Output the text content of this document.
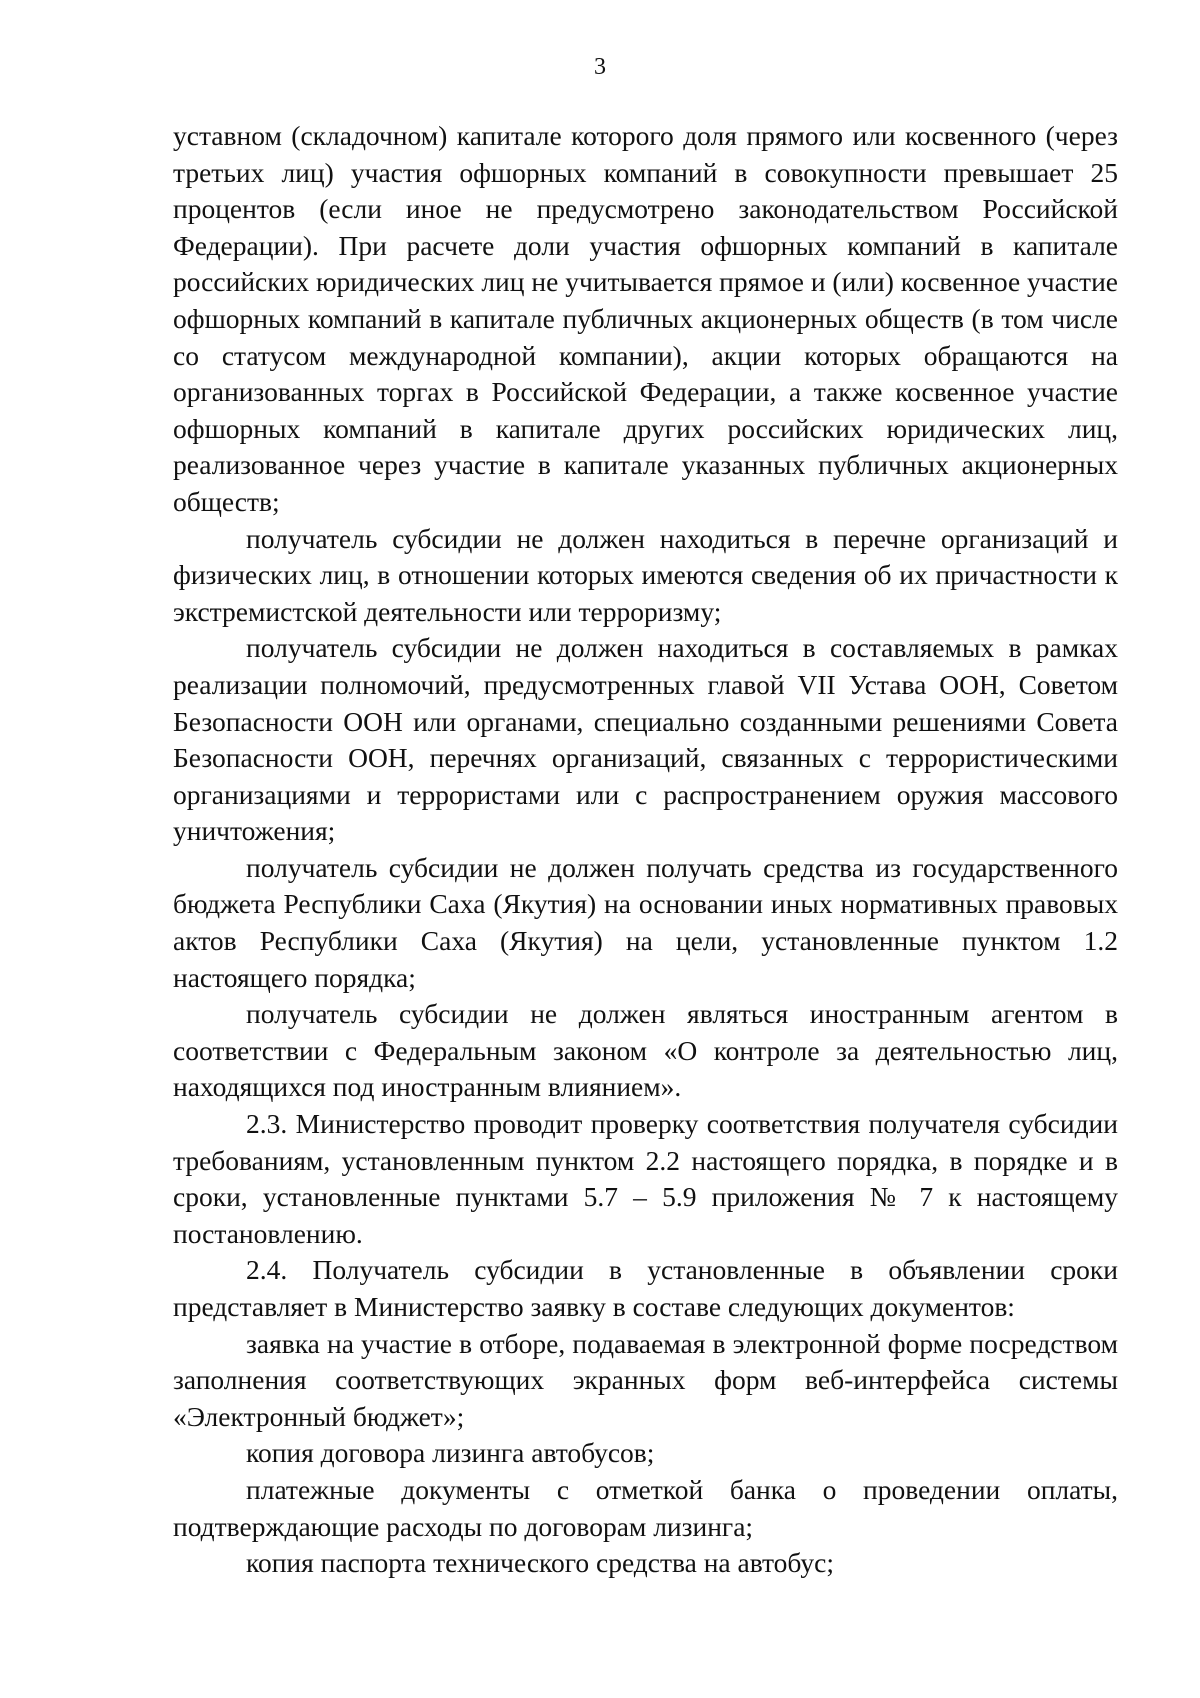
3

уставном (складочном) капитале которого доля прямого или косвенного (через третьих лиц) участия офшорных компаний в совокупности превышает 25 процентов (если иное не предусмотрено законодательством Российской Федерации). При расчете доли участия офшорных компаний в капитале российских юридических лиц не учитывается прямое и (или) косвенное участие офшорных компаний в капитале публичных акционерных обществ (в том числе со статусом международной компании), акции которых обращаются на организованных торгах в Российской Федерации, а также косвенное участие офшорных компаний в капитале других российских юридических лиц, реализованное через участие в капитале указанных публичных акционерных обществ;

получатель субсидии не должен находиться в перечне организаций и физических лиц, в отношении которых имеются сведения об их причастности к экстремистской деятельности или терроризму;

получатель субсидии не должен находиться в составляемых в рамках реализации полномочий, предусмотренных главой VII Устава ООН, Советом Безопасности ООН или органами, специально созданными решениями Совета Безопасности ООН, перечнях организаций, связанных с террористическими организациями и террористами или с распространением оружия массового уничтожения;

получатель субсидии не должен получать средства из государственного бюджета Республики Саха (Якутия) на основании иных нормативных правовых актов Республики Саха (Якутия) на цели, установленные пунктом 1.2 настоящего порядка;

получатель субсидии не должен являться иностранным агентом в соответствии с Федеральным законом «О контроле за деятельностью лиц, находящихся под иностранным влиянием».

2.3. Министерство проводит проверку соответствия получателя субсидии требованиям, установленным пунктом 2.2 настоящего порядка, в порядке и в сроки, установленные пунктами 5.7 – 5.9 приложения № 7 к настоящему постановлению.

2.4. Получатель субсидии в установленные в объявлении сроки представляет в Министерство заявку в составе следующих документов:

заявка на участие в отборе, подаваемая в электронной форме посредством заполнения соответствующих экранных форм веб-интерфейса системы «Электронный бюджет»;

копия договора лизинга автобусов;

платежные документы с отметкой банка о проведении оплаты, подтверждающие расходы по договорам лизинга;

копия паспорта технического средства на автобус;
